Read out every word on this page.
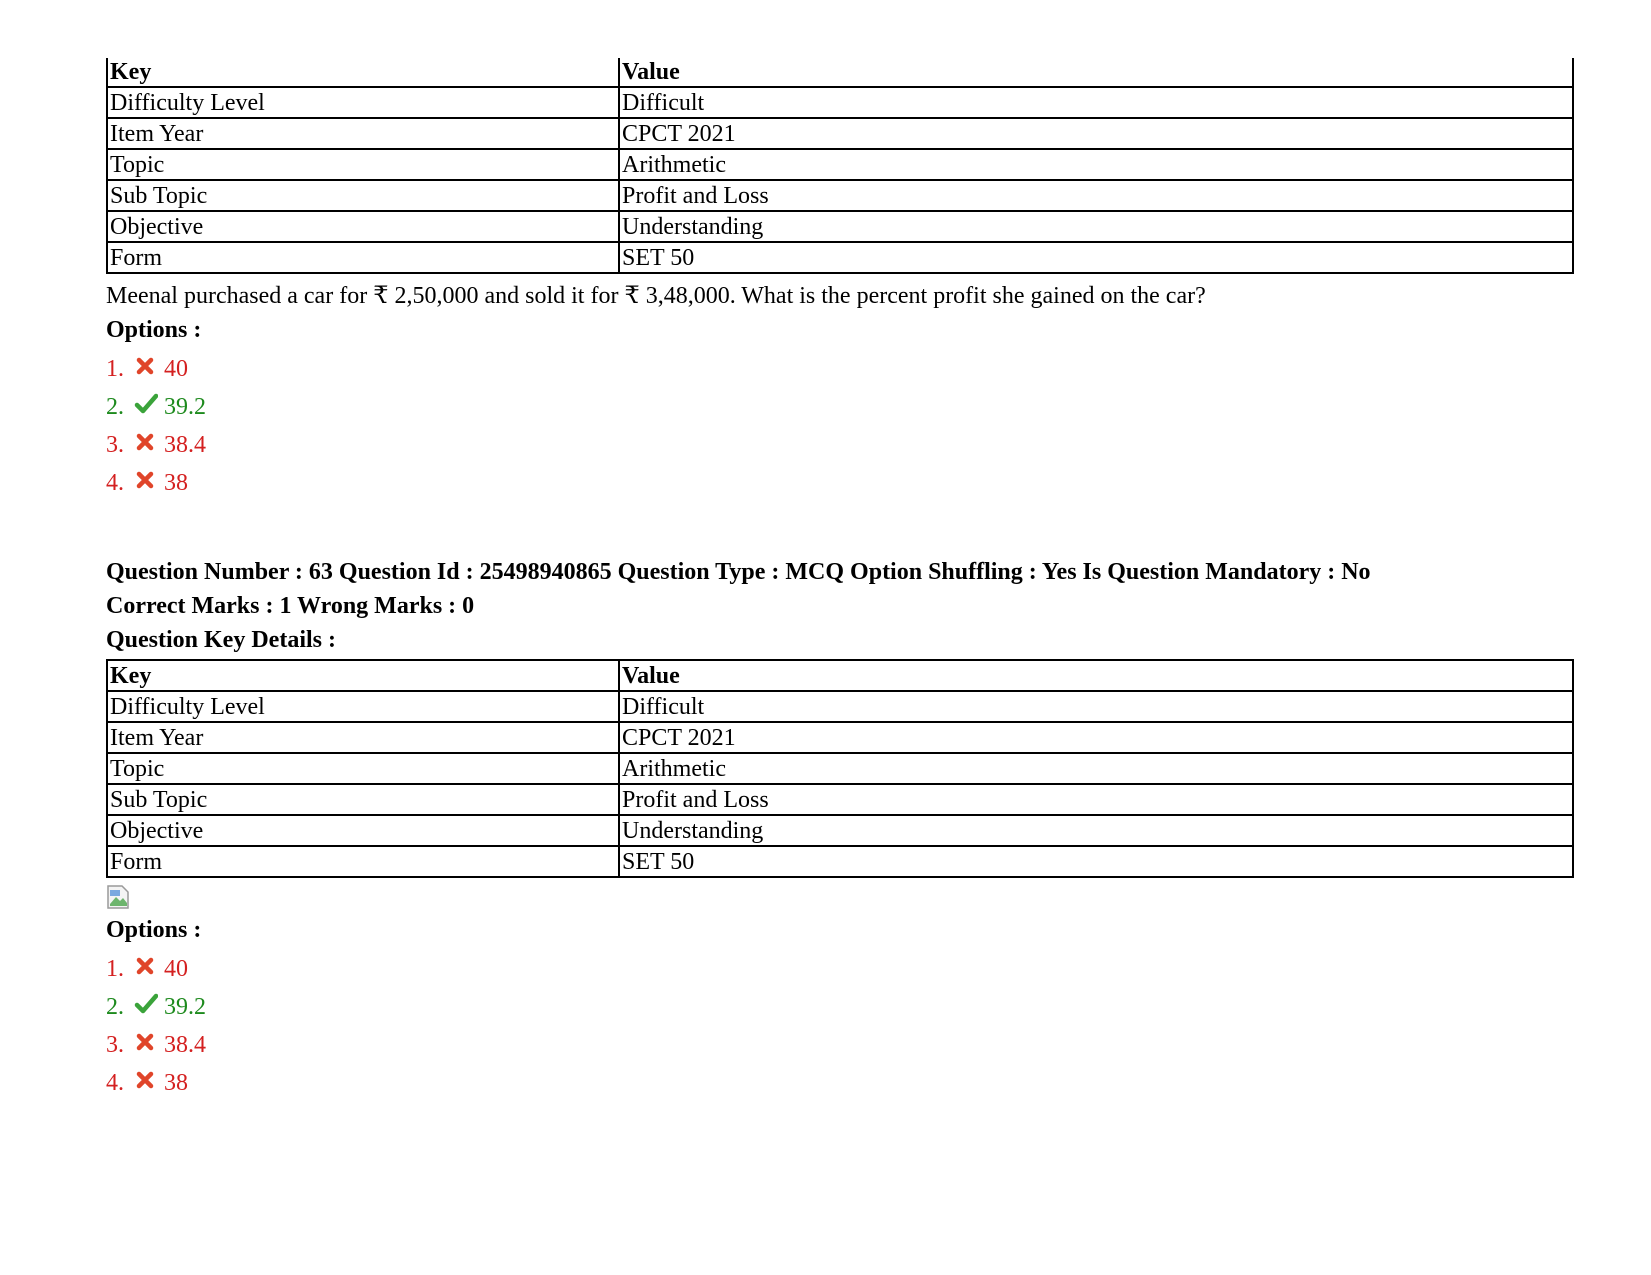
Key	Value
Difficulty Level	Difficult
Item Year	CPCT 2021
Topic	Arithmetic
Sub Topic	Profit and Loss
Objective	Understanding
Form	SET 50
Meenal purchased a car for ₹ 2,50,000 and sold it for ₹ 3,48,000. What is the percent profit she gained on the car?
Options :
1.	40
2.	39.2
3.	38.4
4.	38
Question Number : 63 Question Id : 25498940865 Question Type : MCQ Option Shuffling : Yes Is Question Mandatory : No
Correct Marks : 1 Wrong Marks : 0
Question Key Details :
Key	Value
Difficulty Level	Difficult
Item Year	CPCT 2021
Topic	Arithmetic
Sub Topic	Profit and Loss
Objective	Understanding
Form	SET 50
Options :
1.	40
2.	39.2
3.	38.4
4.	38
